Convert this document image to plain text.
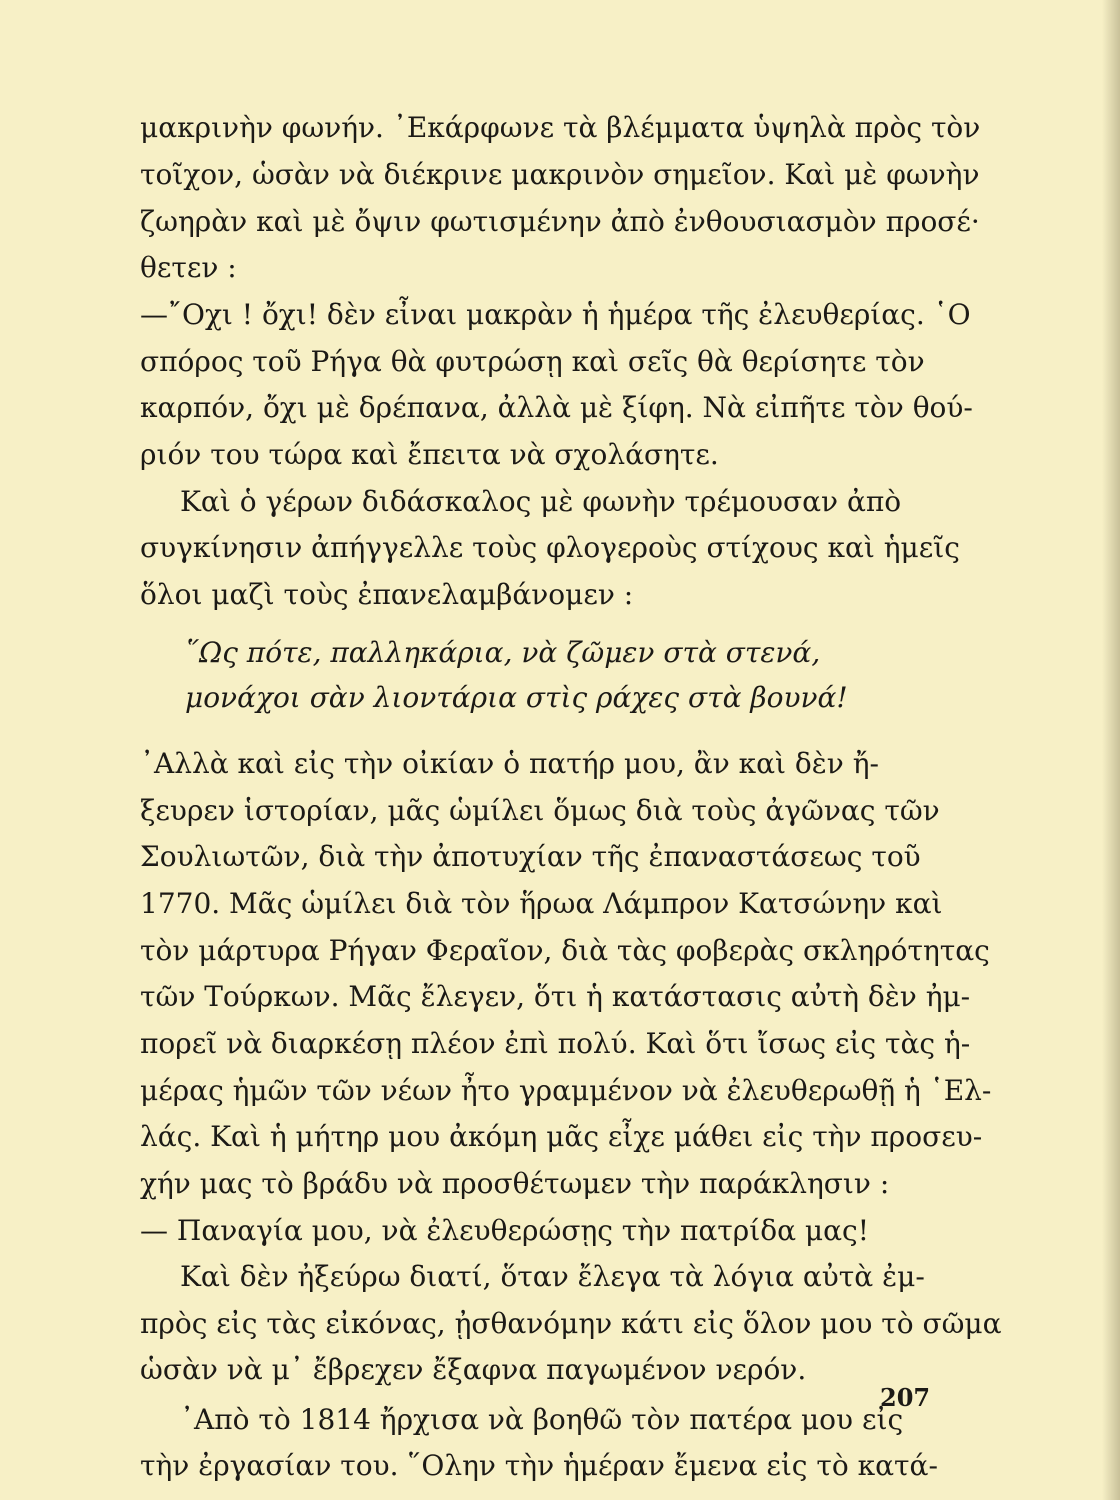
μακρινὴν φωνήν. ᾿Εκάρφωνε τὰ βλέμματα ὑψηλὰ πρὸς τὸν
τοῖχον, ὡσὰν νὰ διέκρινε μακρινὸν σημεῖον. Καὶ μὲ φωνὴν
ζωηρὰν καὶ μὲ ὄψιν φωτισμένην ἀπὸ ἐνθουσιασμὸν προσέ·
θετεν :
—῎Οχι ! ὄχι! δὲν εἶναι μακρὰν ἡ ἡμέρα τῆς ἐλευθερίας. ῾Ο
σπόρος τοῦ Ρήγα θὰ φυτρώσῃ καὶ σεῖς θὰ θερίσητε τὸν
καρπόν, ὄχι μὲ δρέπανα, ἀλλὰ μὲ ξίφη. Νὰ εἰπῆτε τὸν θού-
ριόν του τώρα καὶ ἔπειτα νὰ σχολάσητε.
Καὶ ὁ γέρων διδάσκαλος μὲ φωνὴν τρέμουσαν ἀπὸ
συγκίνησιν ἀπήγγελλε τοὺς φλογεροὺς στίχους καὶ ἡμεῖς
ὅλοι μαζὶ τοὺς ἐπανελαμβάνομεν :
῞Ως πότε, παλληκάρια, νὰ ζῶμεν στὰ στενά,
μονάχοι σὰν λιοντάρια στὶς ράχες στὰ βουνά!
᾿Αλλὰ καὶ εἰς τὴν οἰκίαν ὁ πατήρ μου, ἂν καὶ δὲν ἤ-
ξευρεν ἱστορίαν, μᾶς ὡμίλει ὅμως διὰ τοὺς ἀγῶνας τῶν
Σουλιωτῶν, διὰ τὴν ἀποτυχίαν τῆς ἐπαναστάσεως τοῦ
1770. Μᾶς ὡμίλει διὰ τὸν ἥρωα Λάμπρον Κατσώνην καὶ
τὸν μάρτυρα Ρήγαν Φεραῖον, διὰ τὰς φοβερὰς σκληρότητας
τῶν Τούρκων. Μᾶς ἔλεγεν, ὅτι ἡ κατάστασις αὐτὴ δὲν ἠμ-
πορεῖ νὰ διαρκέσῃ πλέον ἐπὶ πολύ. Καὶ ὅτι ἴσως εἰς τὰς ἡ-
μέρας ἡμῶν τῶν νέων ἦτο γραμμένον νὰ ἐλευθερωθῇ ἡ ῾Ελ-
λάς. Καὶ ἡ μήτηρ μου ἀκόμη μᾶς εἶχε μάθει εἰς τὴν προσευ-
χήν μας τὸ βράδυ νὰ προσθέτωμεν τὴν παράκλησιν :
— Παναγία μου, νὰ ἐλευθερώσῃς τὴν πατρίδα μας!
Καὶ δὲν ἠξεύρω διατί, ὅταν ἔλεγα τὰ λόγια αὐτὰ ἐμ-
πρὸς εἰς τὰς εἰκόνας, ᾐσθανόμην κάτι εἰς ὅλον μου τὸ σῶμα
ὡσὰν νὰ μ᾿ ἔβρεχεν ἔξαφνα παγωμένον νερόν.
᾿Απὸ τὸ 1814 ἤρχισα νὰ βοηθῶ τὸν πατέρα μου εἰς
τὴν ἐργασίαν του. ῞Ολην τὴν ἡμέραν ἔμενα εἰς τὸ κατά-
207
